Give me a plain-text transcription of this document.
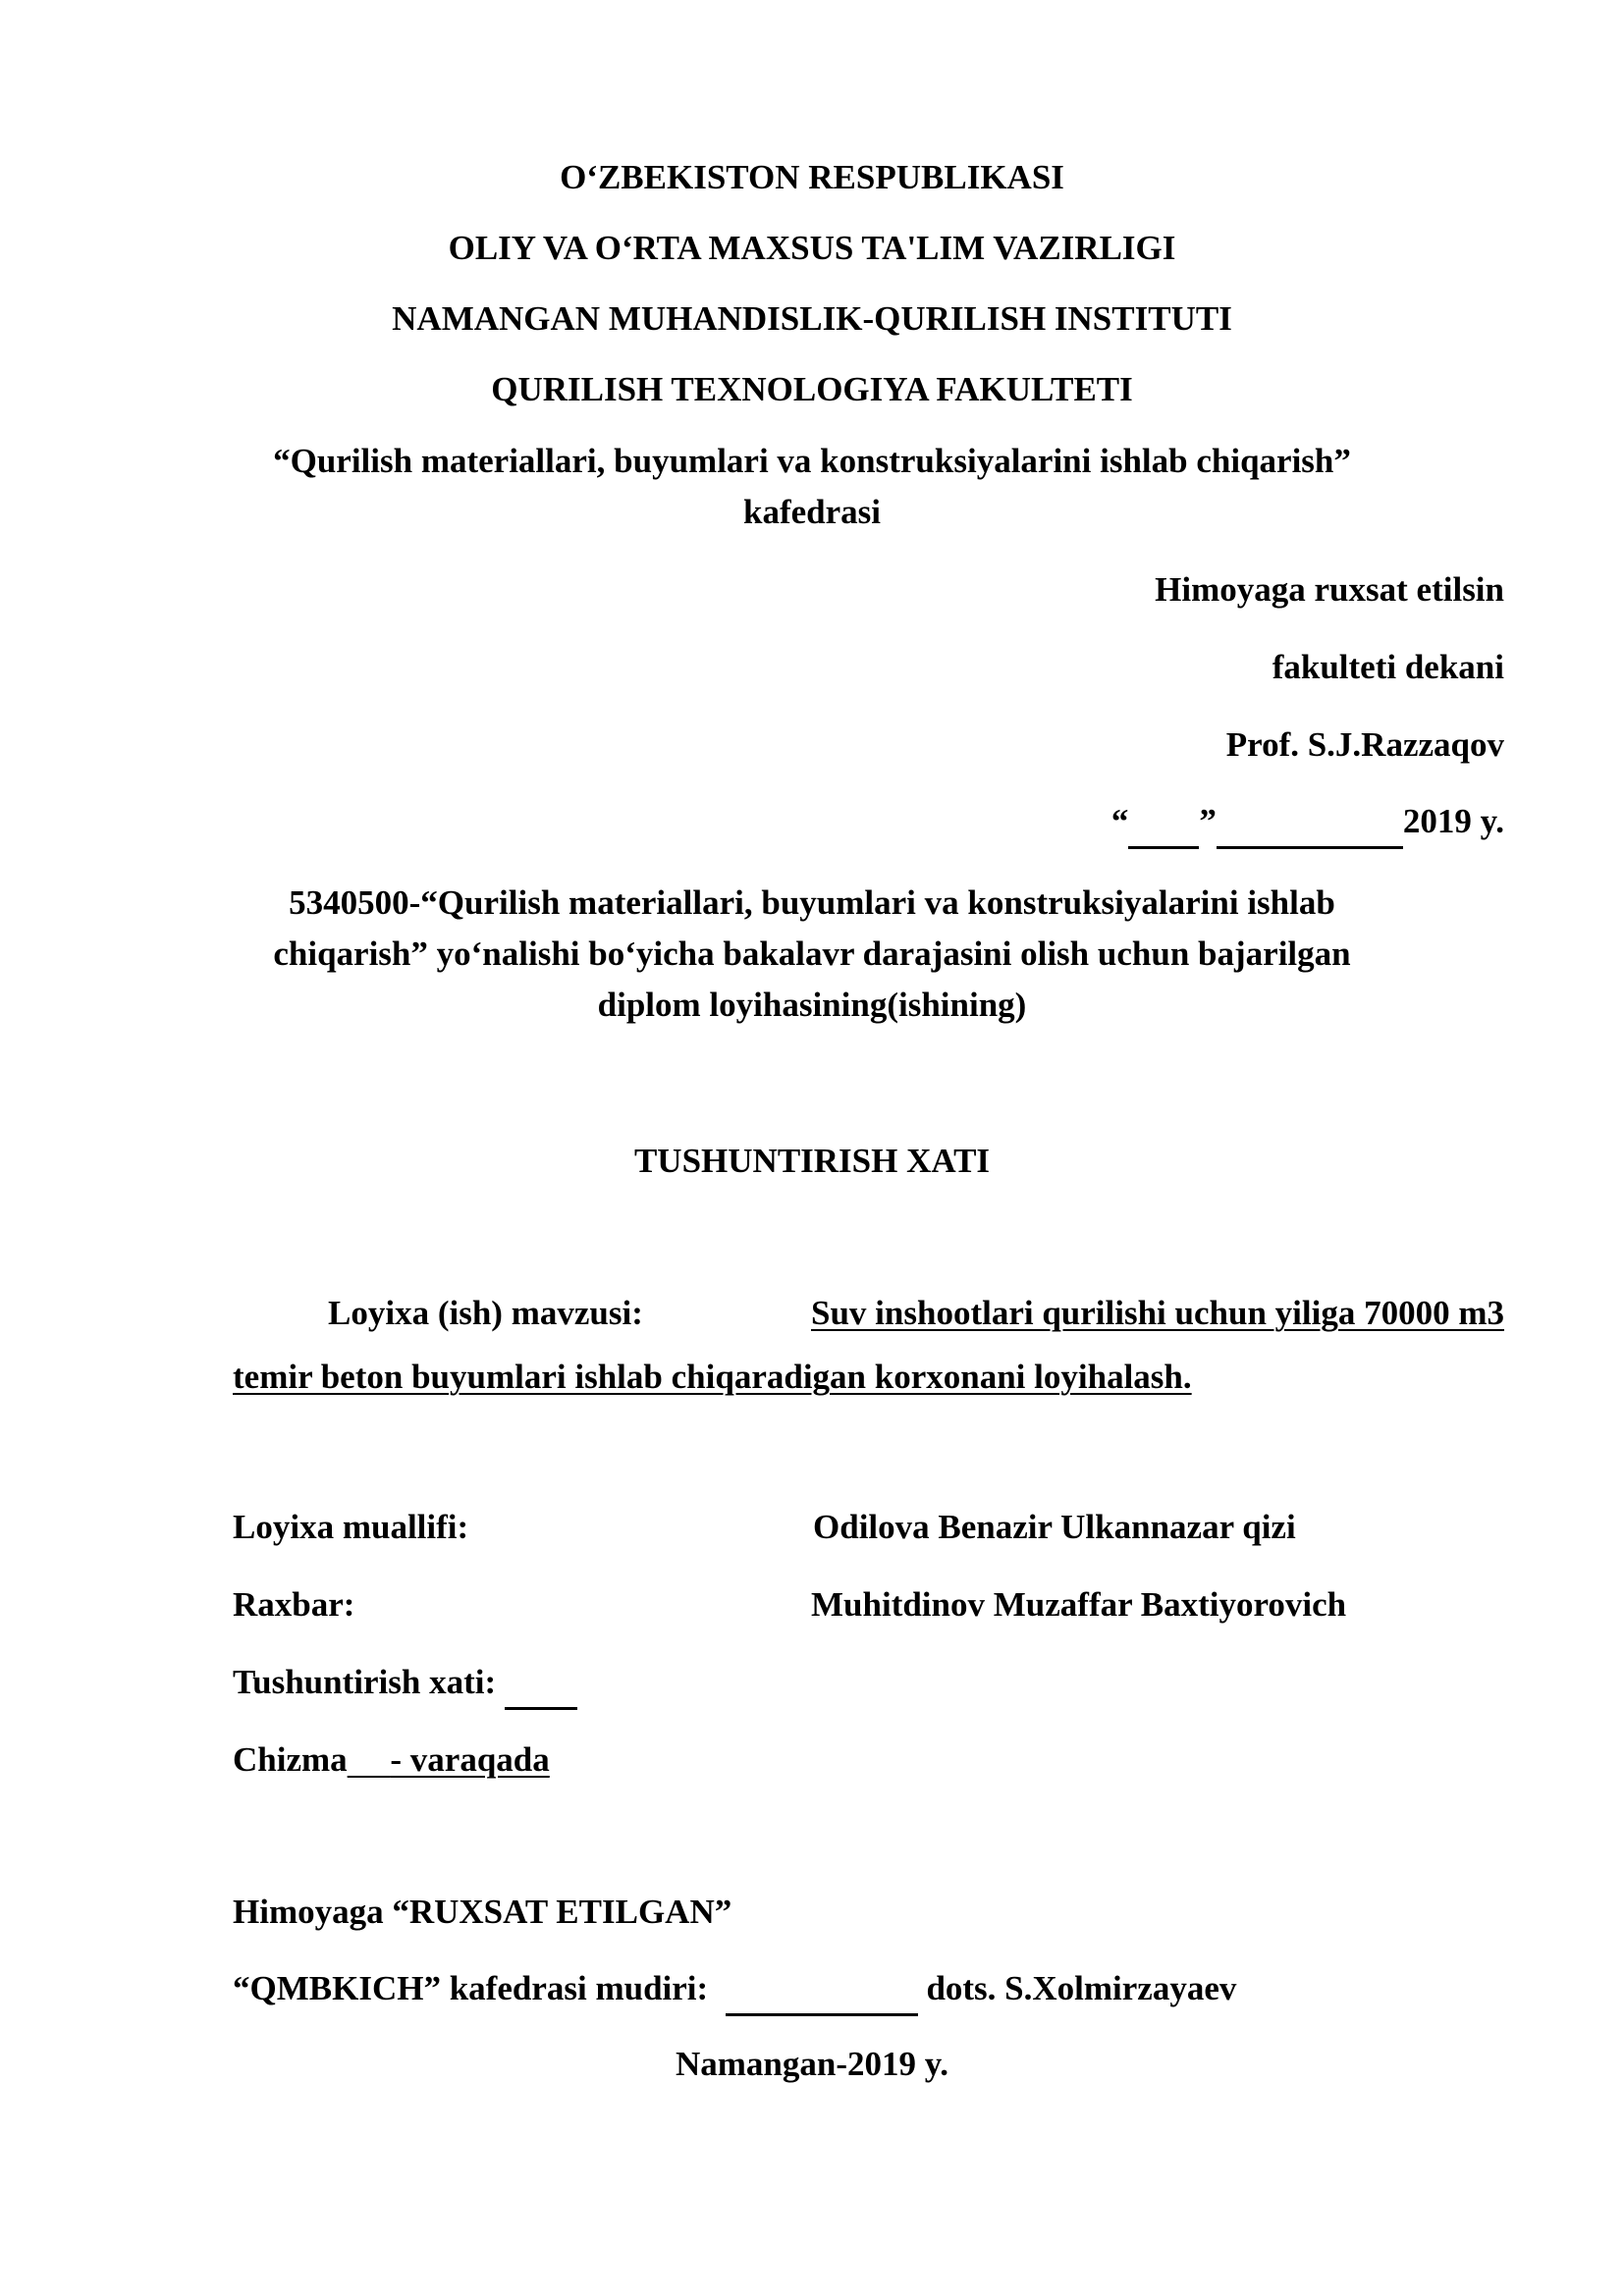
O‘ZBEKISTON RESPUBLIKASI
OLIY VA O‘RTA MAXSUS TA'LIM VAZIRLIGI
NAMANGAN MUHANDISLIK-QURILISH INSTITUTI
QURILISH TEXNOLOGIYA FAKULTETI
“Qurilish materiallari, buyumlari va konstruksiyalarini ishlab chiqarish”
kafedrasi
Himoyaga ruxsat etilsin
fakulteti dekani
Prof. S.J.Razzaqov
“ ”	2019 y.
5340500-“Qurilish materiallari, buyumlari va konstruksiyalarini ishlab
chiqarish” yo‘nalishi bo‘yicha bakalavr darajasini olish uchun bajarilgan
diplom loyihasining(ishining)
TUSHUNTIRISH XATI
Loyixa (ish) mavzusi:	Suv inshootlari qurilishi uchun yiliga 70000 m3
temir beton buyumlari ishlab chiqaradigan korxonani loyihalash.
Loyixa muallifi:	Odilova Benazir Ulkannazar qizi
Raxbar:	Muhitdinov Muzaffar Baxtiyorovich
Tushuntirish xati:
Chizma - varaqada
Himoyaga “RUXSAT ETILGAN”
“QMBKICH” kafedrasi mudiri:	dots. S.Xolmirzayaev
Namangan-2019 y.
